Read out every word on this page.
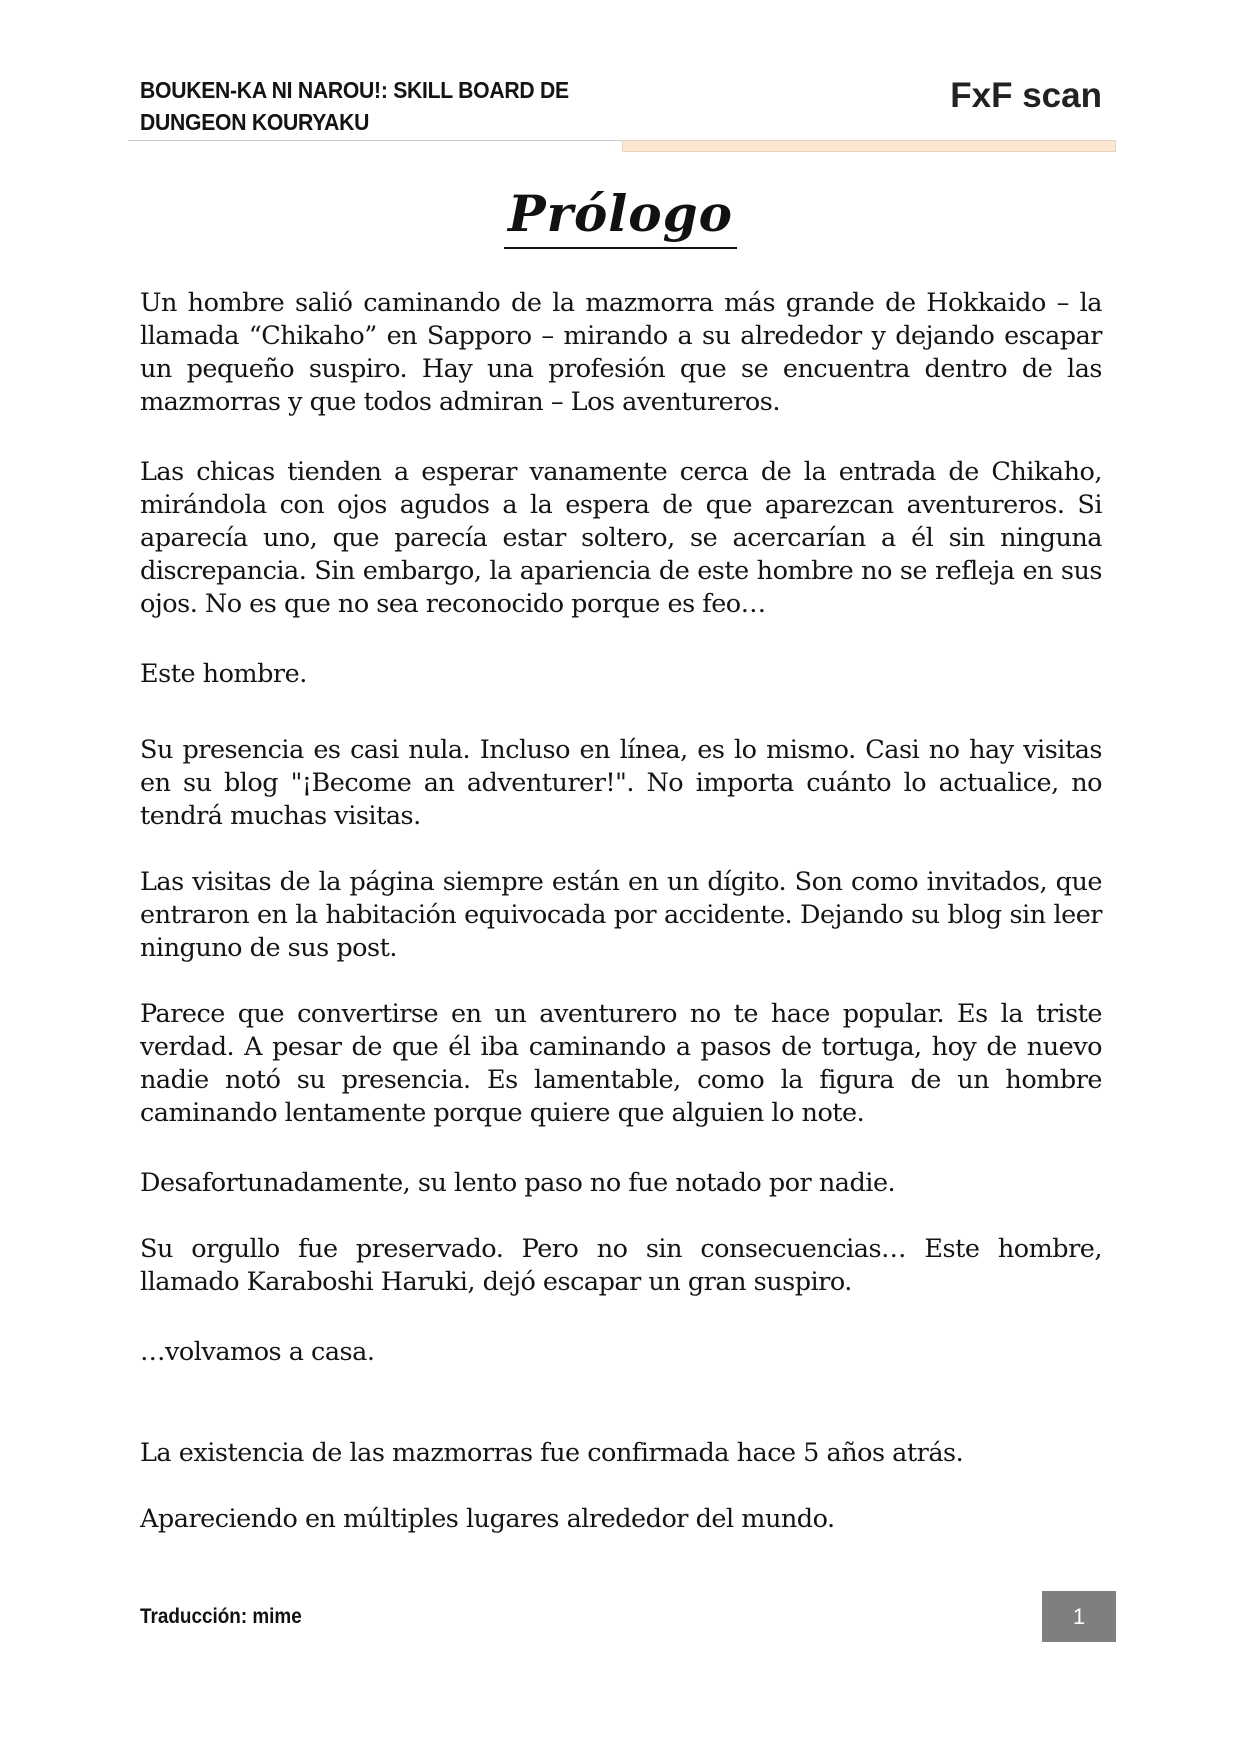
BOUKEN-KA NI NAROU!: SKILL BOARD DE
DUNGEON KOURYAKU
FxF scan
Prólogo

Un hombre salió caminando de la mazmorra más grande de Hokkaido – la llamada “Chikaho” en Sapporo – mirando a su alrededor y dejando escapar un pequeño suspiro. Hay una profesión que se encuentra dentro de las mazmorras y que todos admiran – Los aventureros.

Las chicas tienden a esperar vanamente cerca de la entrada de Chikaho, mirándola con ojos agudos a la espera de que aparezcan aventureros. Si aparecía uno, que parecía estar soltero, se acercarían a él sin ninguna discrepancia. Sin embargo, la apariencia de este hombre no se refleja en sus ojos. No es que no sea reconocido porque es feo…

Este hombre.

Su presencia es casi nula. Incluso en línea, es lo mismo. Casi no hay visitas en su blog "¡Become an adventurer!". No importa cuánto lo actualice, no tendrá muchas visitas.

Las visitas de la página siempre están en un dígito. Son como invitados, que entraron en la habitación equivocada por accidente. Dejando su blog sin leer ninguno de sus post.

Parece que convertirse en un aventurero no te hace popular. Es la triste verdad. A pesar de que él iba caminando a pasos de tortuga, hoy de nuevo nadie notó su presencia. Es lamentable, como la figura de un hombre caminando lentamente porque quiere que alguien lo note.

Desafortunadamente, su lento paso no fue notado por nadie.

Su orgullo fue preservado. Pero no sin consecuencias… Este hombre, llamado Karaboshi Haruki, dejó escapar un gran suspiro.

…volvamos a casa.

La existencia de las mazmorras fue confirmada hace 5 años atrás.

Apareciendo en múltiples lugares alrededor del mundo.

Traducción: mime	1
